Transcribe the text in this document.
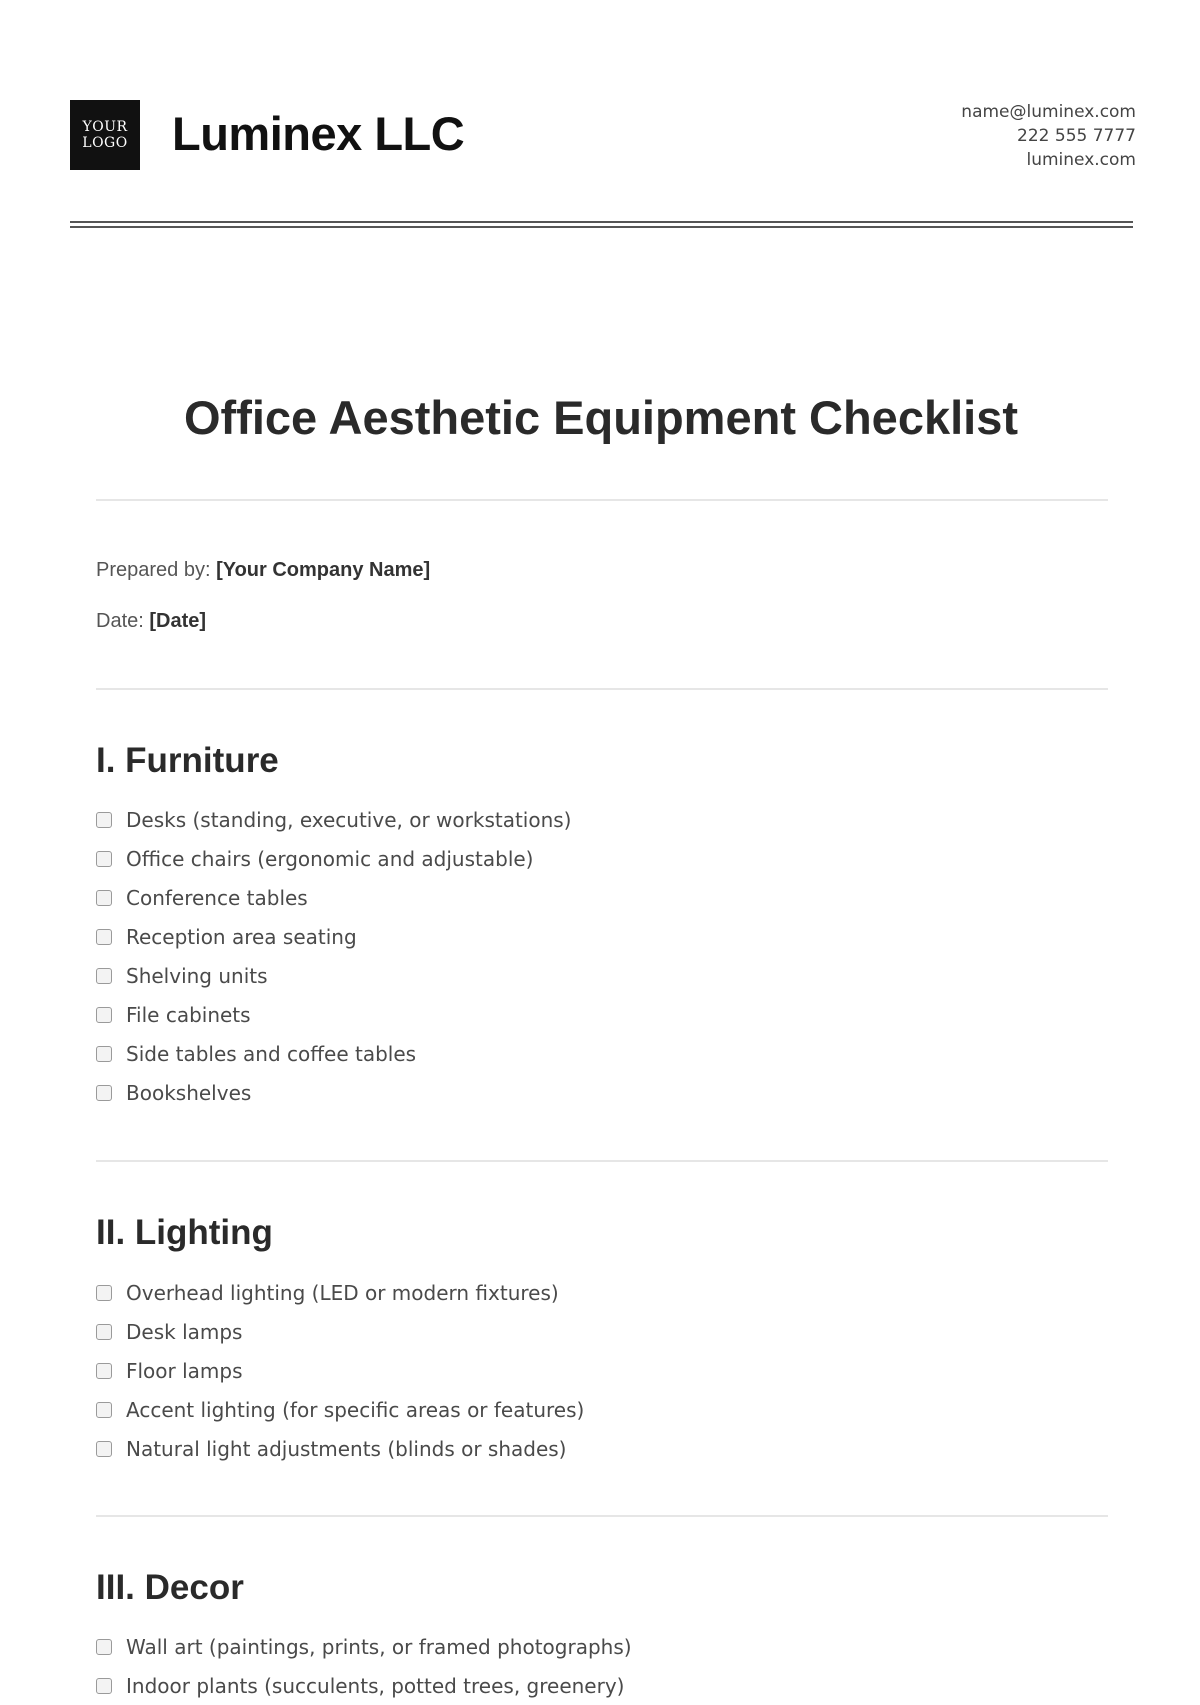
YOUR
LOGO Luminex LLC	name@luminex.com
222 555 7777
luminex.com
Office Aesthetic Equipment Checklist
Prepared by: [Your Company Name]
Date: [Date]
I. Furniture
Desks (standing, executive, or workstations)
Office chairs (ergonomic and adjustable)
Conference tables
Reception area seating
Shelving units
File cabinets
Side tables and coffee tables
Bookshelves
II. Lighting
Overhead lighting (LED or modern fixtures)
Desk lamps
Floor lamps
Accent lighting (for specific areas or features)
Natural light adjustments (blinds or shades)
III. Decor
Wall art (paintings, prints, or framed photographs)
Indoor plants (succulents, potted trees, greenery)
